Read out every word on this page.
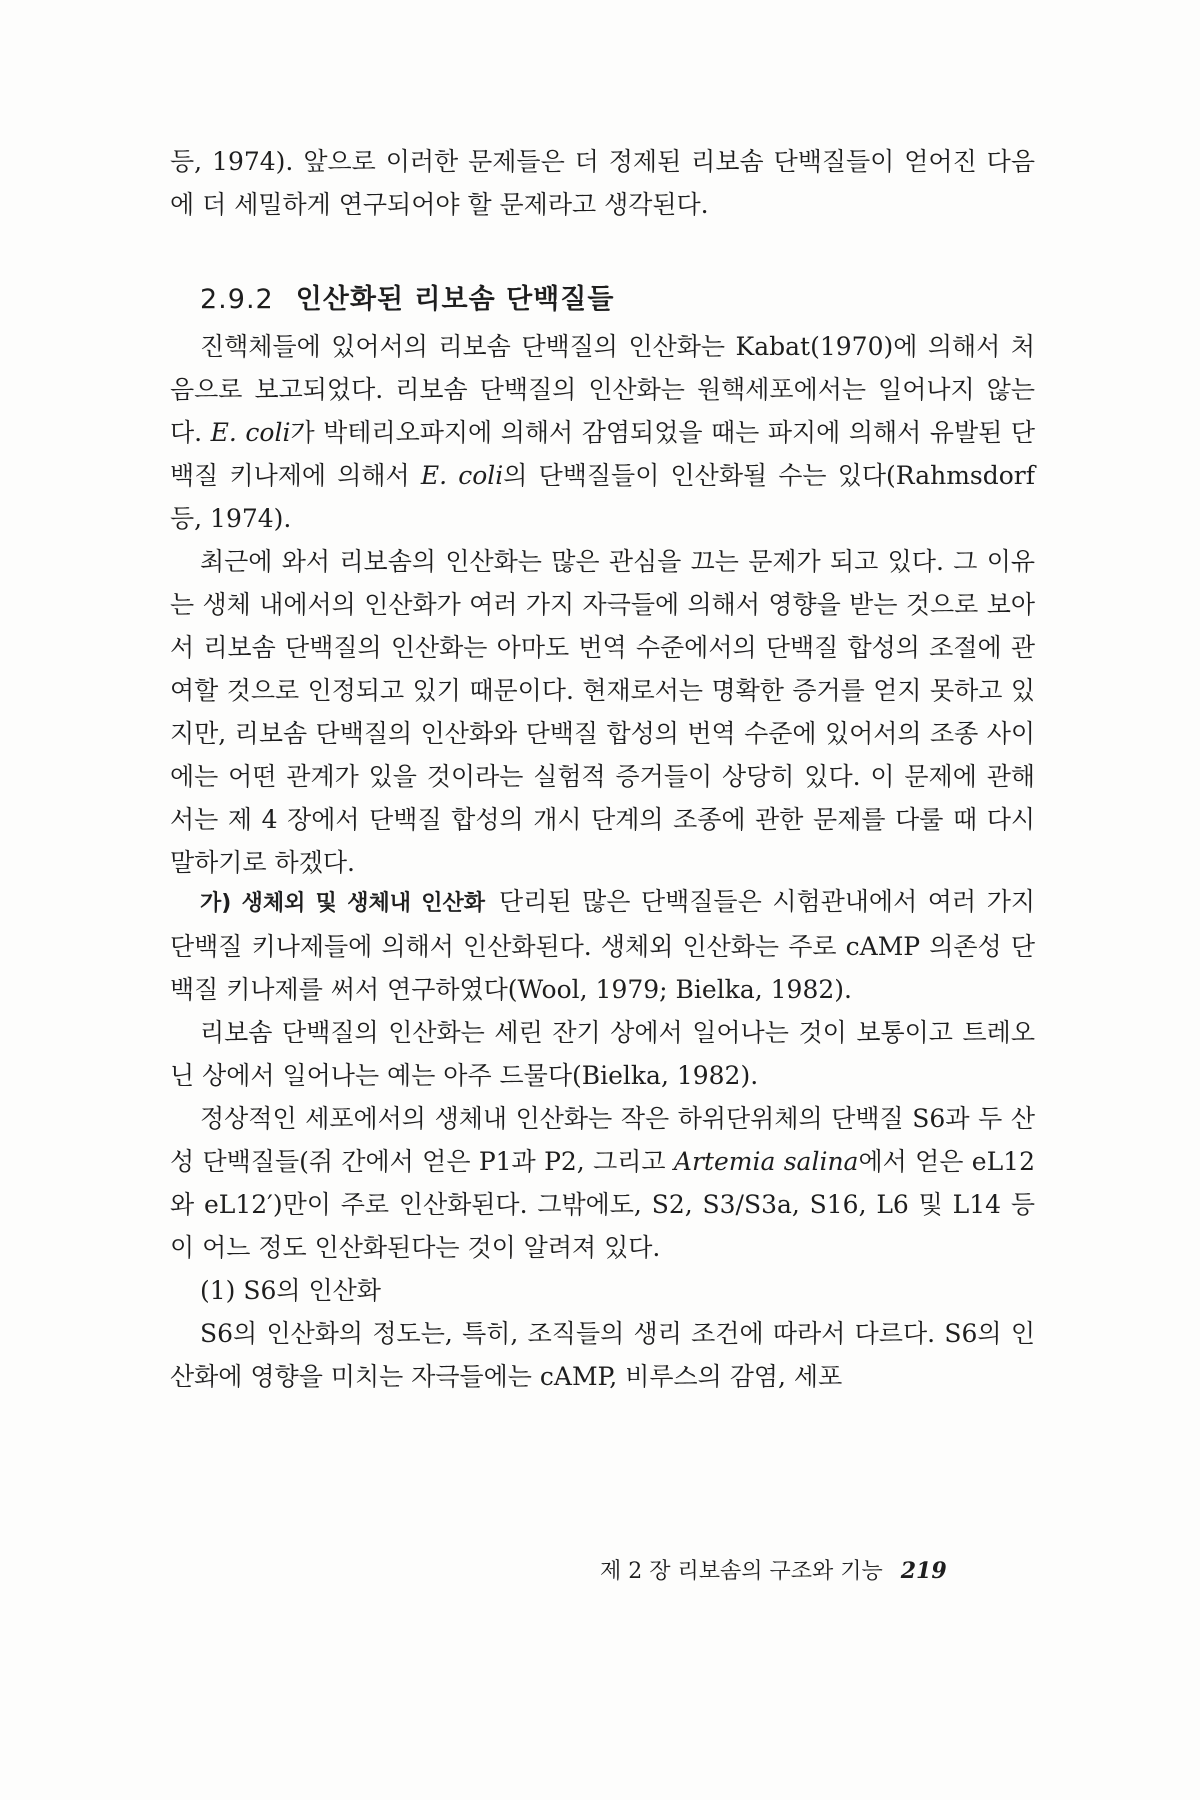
등, 1974). 앞으로 이러한 문제들은 더 정제된 리보솜 단백질들이 얻어진 다음에 더 세밀하게 연구되어야 할 문제라고 생각된다.

2.9.2 인산화된 리보솜 단백질들

진핵체들에 있어서의 리보솜 단백질의 인산화는 Kabat(1970)에 의해서 처음으로 보고되었다. 리보솜 단백질의 인산화는 원핵세포에서는 일어나지 않는다. E. coli가 박테리오파지에 의해서 감염되었을 때는 파지에 의해서 유발된 단백질 키나제에 의해서 E. coli의 단백질들이 인산화될 수는 있다(Rahmsdorf 등, 1974).

최근에 와서 리보솜의 인산화는 많은 관심을 끄는 문제가 되고 있다. 그 이유는 생체 내에서의 인산화가 여러 가지 자극들에 의해서 영향을 받는 것으로 보아서 리보솜 단백질의 인산화는 아마도 번역 수준에서의 단백질 합성의 조절에 관여할 것으로 인정되고 있기 때문이다. 현재로서는 명확한 증거를 얻지 못하고 있지만, 리보솜 단백질의 인산화와 단백질 합성의 번역 수준에 있어서의 조종 사이에는 어떤 관계가 있을 것이라는 실험적 증거들이 상당히 있다. 이 문제에 관해서는 제 4 장에서 단백질 합성의 개시 단계의 조종에 관한 문제를 다룰 때 다시 말하기로 하겠다.

가) 생체외 및 생체내 인산화 단리된 많은 단백질들은 시험관내에서 여러 가지 단백질 키나제들에 의해서 인산화된다. 생체외 인산화는 주로 cAMP 의존성 단백질 키나제를 써서 연구하였다(Wool, 1979; Bielka, 1982).

리보솜 단백질의 인산화는 세린 잔기 상에서 일어나는 것이 보통이고 트레오닌 상에서 일어나는 예는 아주 드물다(Bielka, 1982).

정상적인 세포에서의 생체내 인산화는 작은 하위단위체의 단백질 S6과 두 산성 단백질들(쥐 간에서 얻은 P1과 P2, 그리고 Artemia salina에서 얻은 eL12와 eL12′)만이 주로 인산화된다. 그밖에도, S2, S3/S3a, S16, L6 및 L14 등이 어느 정도 인산화된다는 것이 알려져 있다.

(1) S6의 인산화

S6의 인산화의 정도는, 특히, 조직들의 생리 조건에 따라서 다르다. S6의 인산화에 영향을 미치는 자극들에는 cAMP, 비루스의 감염, 세포

제 2 장 리보솜의 구조와 기능 219
